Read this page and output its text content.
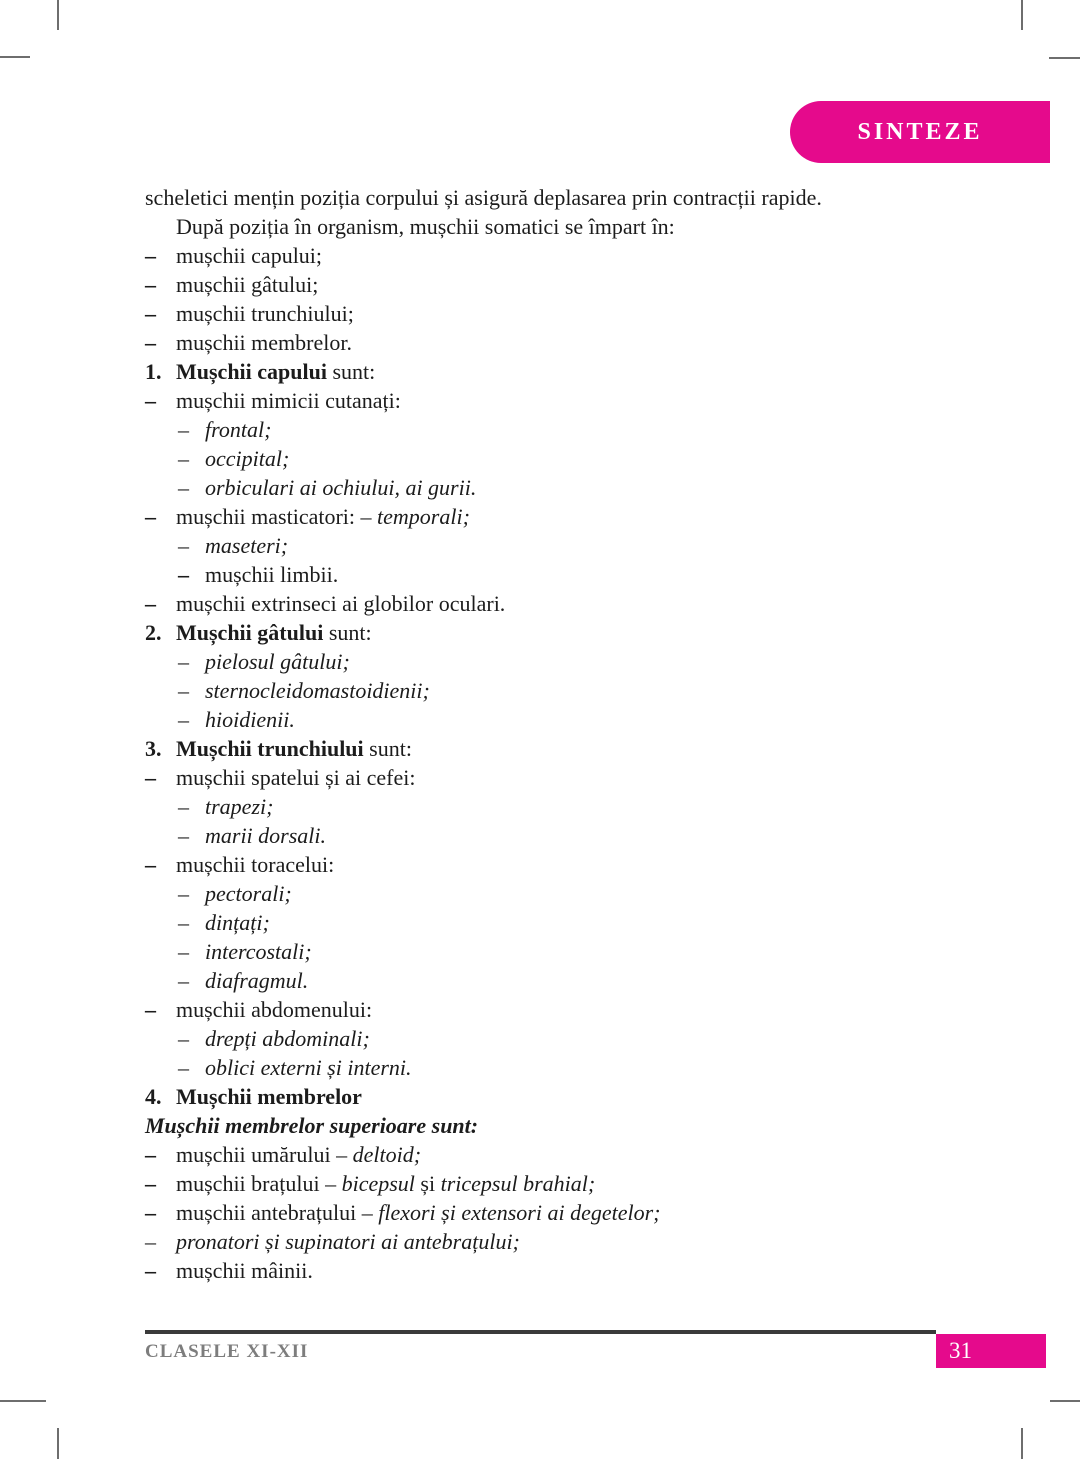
SINTEZE
scheletici mențin poziția corpului și asigură deplasarea prin contracții rapide.
După poziția în organism, mușchii somatici se împart în:
– mușchii capului;
– mușchii gâtului;
– mușchii trunchiului;
– mușchii membrelor.
1. Mușchii capului sunt:
– mușchii mimicii cutanați:
– frontal;
– occipital;
– orbiculari ai ochiului, ai gurii.
– mușchii masticatori: – temporali;
– maseteri;
– mușchii limbii.
– mușchii extrinseci ai globilor oculari.
2. Mușchii gâtului sunt:
– pielosul gâtului;
– sternocleidomastoidienii;
– hioidienii.
3. Mușchii trunchiului sunt:
– mușchii spatelui și ai cefei:
– trapezi;
– marii dorsali.
– mușchii toracelui:
– pectorali;
– dințați;
– intercostali;
– diafragmul.
– mușchii abdomenului:
– drepți abdominali;
– oblici externi și interni.
4. Mușchii membrelor
Mușchii membrelor superioare sunt:
– mușchii umărului – deltoid;
– mușchii brațului – bicepsul și tricepsul brahial;
– mușchii antebrațului – flexori și extensori ai degetelor;
– pronatori și supinatori ai antebrațului;
– mușchii mâinii.
CLASELE XI-XII	31
